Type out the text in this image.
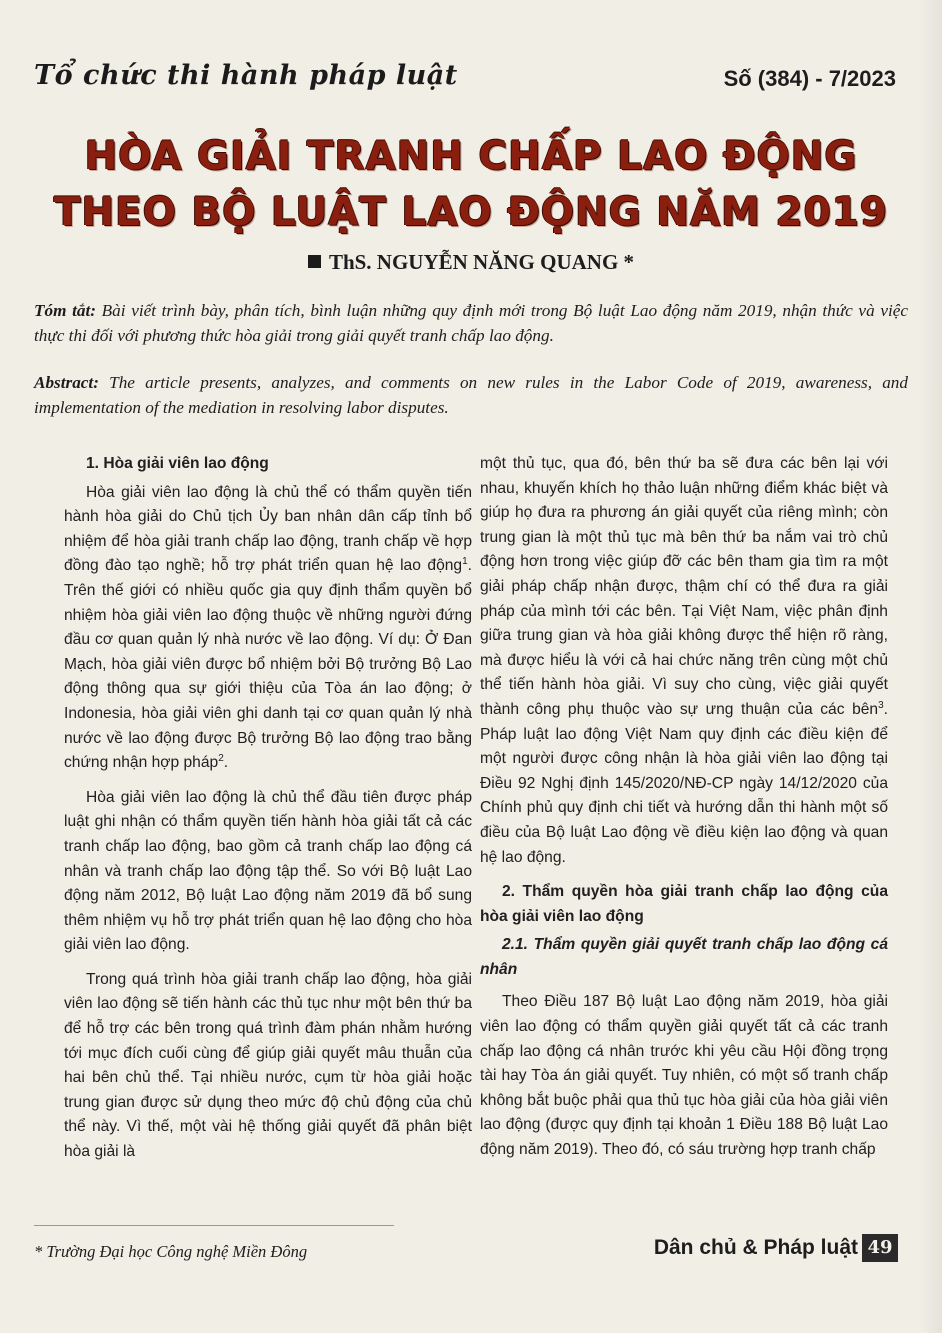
Tổ chức thi hành pháp luật	Số (384) - 7/2023
HÒA GIẢI TRANH CHẤP LAO ĐỘNG
THEO BỘ LUẬT LAO ĐỘNG NĂM 2019
ThS. NGUYỄN NĂNG QUANG *
Tóm tắt: Bài viết trình bày, phân tích, bình luận những quy định mới trong Bộ luật Lao động năm 2019, nhận thức và việc thực thi đối với phương thức hòa giải trong giải quyết tranh chấp lao động.
Abstract: The article presents, analyzes, and comments on new rules in the Labor Code of 2019, awareness, and implementation of the mediation in resolving labor disputes.
1. Hòa giải viên lao động

Hòa giải viên lao động là chủ thể có thẩm quyền tiến hành hòa giải do Chủ tịch Ủy ban nhân dân cấp tỉnh bổ nhiệm để hòa giải tranh chấp lao động, tranh chấp về hợp đồng đào tạo nghề; hỗ trợ phát triển quan hệ lao động$^1$. Trên thế giới có nhiều quốc gia quy định thẩm quyền bổ nhiệm hòa giải viên lao động thuộc về những người đứng đầu cơ quan quản lý nhà nước về lao động. Ví dụ: Ở Đan Mạch, hòa giải viên được bổ nhiệm bởi Bộ trưởng Bộ Lao động thông qua sự giới thiệu của Tòa án lao động; ở Indonesia, hòa giải viên ghi danh tại cơ quan quản lý nhà nước về lao động được Bộ trưởng Bộ lao động trao bằng chứng nhận hợp pháp$^2$.

Hòa giải viên lao động là chủ thể đầu tiên được pháp luật ghi nhận có thẩm quyền tiến hành hòa giải tất cả các tranh chấp lao động, bao gồm cả tranh chấp lao động cá nhân và tranh chấp lao động tập thể. So với Bộ luật Lao động năm 2012, Bộ luật Lao động năm 2019 đã bổ sung thêm nhiệm vụ hỗ trợ phát triển quan hệ lao động cho hòa giải viên lao động.

Trong quá trình hòa giải tranh chấp lao động, hòa giải viên lao động sẽ tiến hành các thủ tục như một bên thứ ba để hỗ trợ các bên trong quá trình đàm phán nhằm hướng tới mục đích cuối cùng để giúp giải quyết mâu thuẫn của hai bên chủ thể. Tại nhiều nước, cụm từ hòa giải hoặc trung gian được sử dụng theo mức độ chủ động của chủ thể này. Vì thế, một vài hệ thống giải quyết đã phân biệt hòa giải là

một thủ tục, qua đó, bên thứ ba sẽ đưa các bên lại với nhau, khuyến khích họ thảo luận những điểm khác biệt và giúp họ đưa ra phương án giải quyết của riêng mình; còn trung gian là một thủ tục mà bên thứ ba nắm vai trò chủ động hơn trong việc giúp đỡ các bên tham gia tìm ra một giải pháp chấp nhận được, thậm chí có thể đưa ra giải pháp của mình tới các bên. Tại Việt Nam, việc phân định giữa trung gian và hòa giải không được thể hiện rõ ràng, mà được hiểu là với cả hai chức năng trên cùng một chủ thể tiến hành hòa giải. Vì suy cho cùng, việc giải quyết thành công phụ thuộc vào sự ưng thuận của các bên$^3$. Pháp luật lao động Việt Nam quy định các điều kiện để một người được công nhận là hòa giải viên lao động tại Điều 92 Nghị định 145/2020/NĐ-CP ngày 14/12/2020 của Chính phủ quy định chi tiết và hướng dẫn thi hành một số điều của Bộ luật Lao động về điều kiện lao động và quan hệ lao động.

2. Thẩm quyền hòa giải tranh chấp lao động của hòa giải viên lao động
2.1. Thẩm quyền giải quyết tranh chấp lao động cá nhân

Theo Điều 187 Bộ luật Lao động năm 2019, hòa giải viên lao động có thẩm quyền giải quyết tất cả các tranh chấp lao động cá nhân trước khi yêu cầu Hội đồng trọng tài hay Tòa án giải quyết. Tuy nhiên, có một số tranh chấp không bắt buộc phải qua thủ tục hòa giải của hòa giải viên lao động (được quy định tại khoản 1 Điều 188 Bộ luật Lao động năm 2019). Theo đó, có sáu trường hợp tranh chấp

* Trường Đại học Công nghệ Miền Đông	Dân chủ & Pháp luật 49
